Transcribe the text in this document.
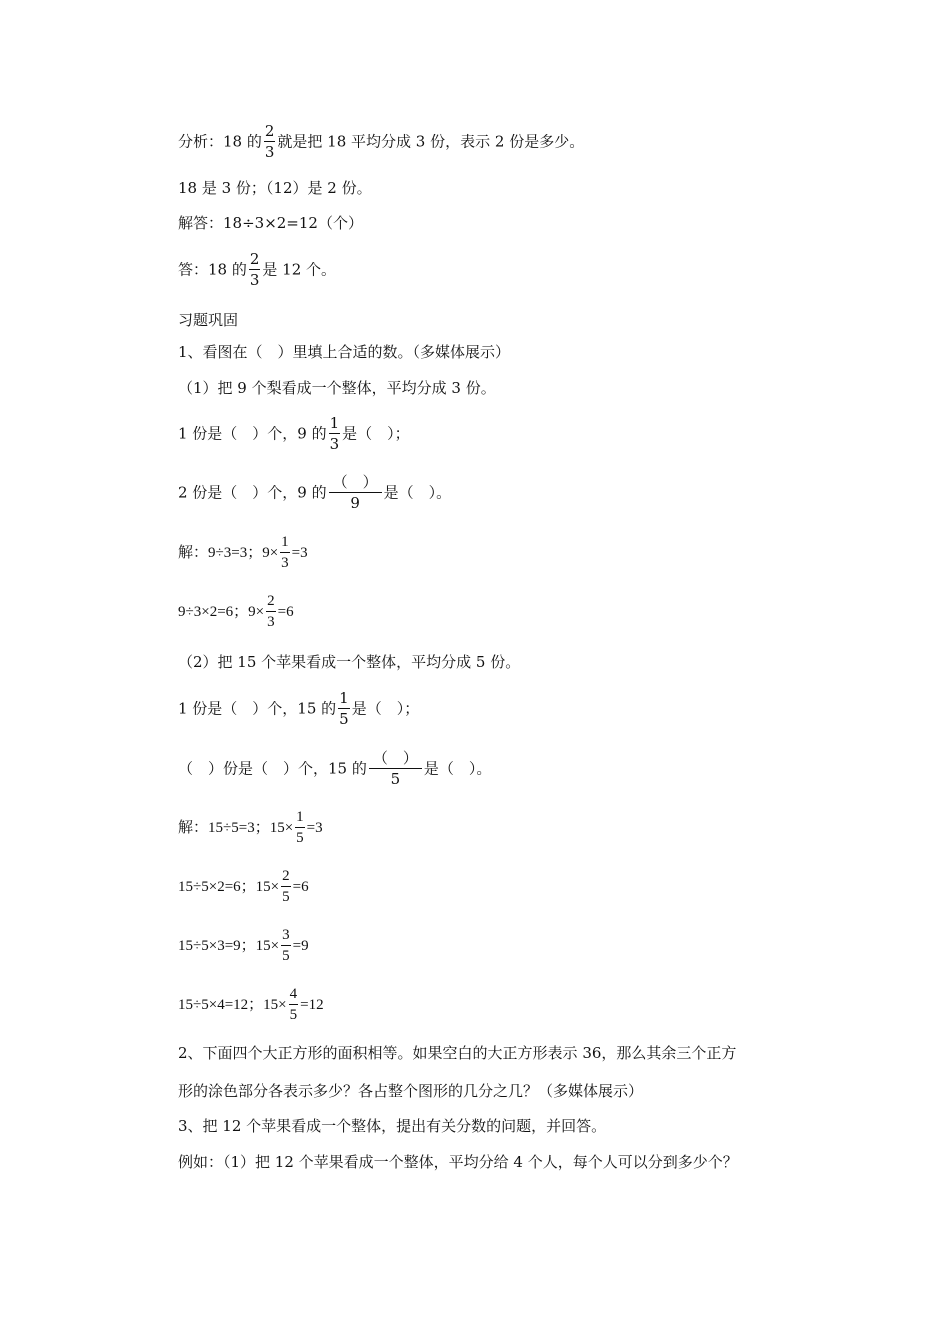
分析：18 的 $\frac{2}{3}$ 就是把 18 平均分成 3 份，表示 2 份是多少。
18 是 3 份；（12）是 2 份。
解答：18÷3×2=12（个）
答：18 的 $\frac{2}{3}$ 是 12 个。
习题巩固
1、看图在（　）里填上合适的数。（多媒体展示）
（1）把 9 个梨看成一个整体，平均分成 3 份。
1 份是（　）个，9 的 $\frac{1}{3}$ 是（　）；
2 份是（　）个，9 的 $\frac{( )}{9}$ 是（　）。
解：9÷3=3；$9\times \frac{1}{3} =3$
9÷3×2=6；$9\times \frac{2}{3} =6$
（2）把 15 个苹果看成一个整体，平均分成 5 份。
1 份是（　）个，15 的 $\frac{1}{5}$ 是（　）；
（　）份是（　）个，15 的 $\frac{( )}{5}$ 是（　）。
解：15÷5=3；$15\times \frac{1}{5} =3$
15÷5×2=6；$15\times \frac{2}{5} =6$
15÷5×3=9；$15\times \frac{3}{5} =9$
15÷5×4=12；$15\times \frac{4}{5} =12$
2、下面四个大正方形的面积相等。如果空白的大正方形表示 36，那么其余三个正方
形的涂色部分各表示多少？各占整个图形的几分之几？（多媒体展示）
3、把 12 个苹果看成一个整体，提出有关分数的问题，并回答。
例如：（1）把 12 个苹果看成一个整体，平均分给 4 个人，每个人可以分到多少个？
